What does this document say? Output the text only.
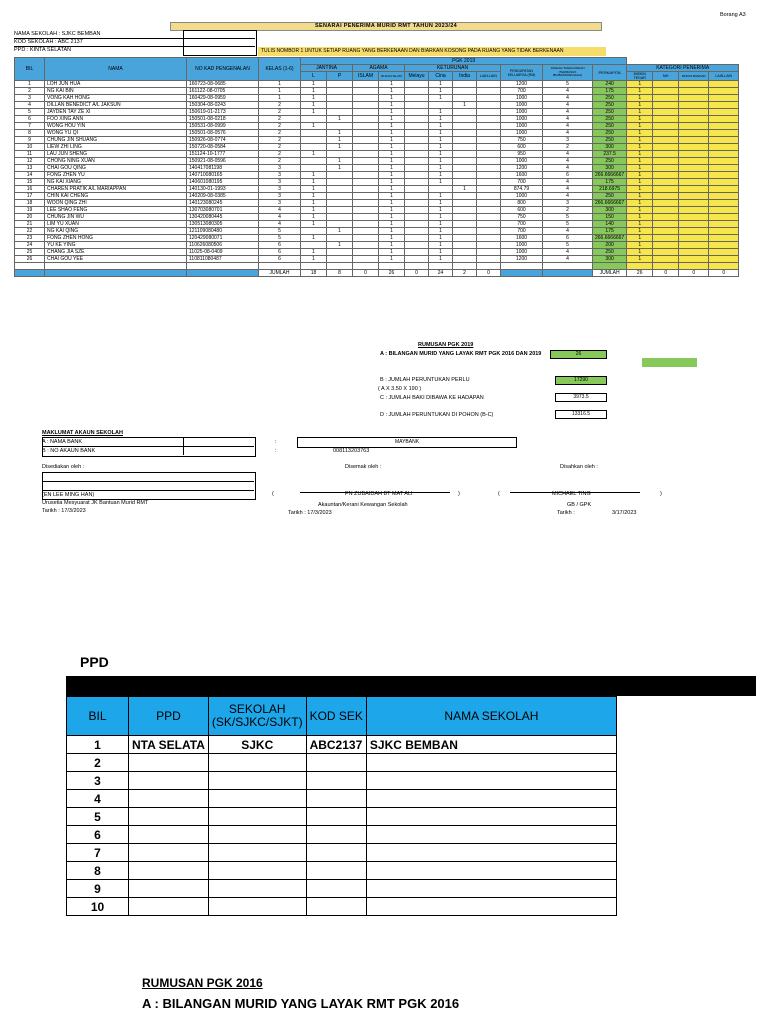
Borang A3
SENARAI PENERIMA MURID RMT TAHUN 2023/24
NAMA SEKOLAH : SJKC BEMBAN
KOD SEKOLAH : ABC 2137
PPD : KINTA SELATAN	TULIS NOMBOR 1 UNTUK SETIAP RUANG YANG BERKENAAN DAN BIARKAN KOSONG PADA RUANG YANG TIDAK BERKENAAN
BIL	NAMA	NO KAD PENGENALAN	KELAS (1-6)	PGK 2019														
				JANTINA		AGAMA		KETURUNAN				PENDAPATAN KELUARGA (RM)	JUMLAH TANGGUNGAN (TERMASUK IBU/BAPA/PENJAGA)	PERKAPITA	KATEGORI PENERIMA			
				L	P	ISLAM	BUKAN ISLAM	Melayu	Cina	India	LAIN-LAIN				MISKIN TEGAR	MH	MISKIN BANDAR	LAIN-LAIN
1	LOH JUN HUA	160723-08-0685	1	1			1		1			1200	5	240	1			
2	NG KAI BIN	161122-08-0705	1	1			1		1			700	4	175	1			
3	VONG KAH HONG	160429-08-0959	1	1			1		1			1000	4	250	1			
4	DILLAN BENEDICT A/L JAKSUN	150304-08-0243	2	1			1			1		1000	4	250	1			
5	JAYDEN TAY ZE XI	150619-01-2173	2	1			1		1			1000	4	250	1			
6	FOO XING ANN	150501-08-0218	2		1		1		1			1000	4	250	1			
7	WONG HOU YIN	150531-08-0999	2	1			1		1			1000	4	250	1			
8	WONG YU QI	150501-08-0576	2		1		1		1			1000	4	250	1			
9	CHUNG JIN SHUANG	150926-08-0774	2		1		1		1			750	3	250	1			
10	LIEW ZHI LING	150720-08-0584	2		1		1		1			600	2	300	1			
11	LAU JUN SHENG	151124-10-1777	2	1			1		1			950	4	237.5	1			
12	CHONG NING XUAN	150921-08-0596	2		1		1		1			1000	4	250	1			
13	CHAI GOU QING	140417081198	3		1		1		1			1200	4	300	1			
14	FONG ZHEN YU	140710080165	3	1			1		1			1600	6	266.6666667	1			
15	NG KAI XIANG	140601080195	3	1			1		1			700	4	175	1			
16	CHAREN PRATIK A/L MARIAPPAN	140130-01-1993	3	1			1			1		874.79	4	218.6975	1			
17	CHIN KAI CHENG	140209-08-0385	3	1			1		1			1000	4	250	1			
18	WOON QING ZHI	140123080245	3	1			1		1			800	3	266.6666667	1			
19	LEE SHAO FENG	130703080701	4	1			1		1			600	2	300	1			
20	CHUNG JIN WU	130420080445	4	1			1		1			750	5	150	1			
21	LIM YU XUAN	130513080305	4	1			1		1			700	5	140	1			
22	NG KAI QING	121109080480	5		1		1		1			700	4	175	1			
23	FONG ZHEN HONG	120429080071	5	1			1		1			1600	6	266.6666667	1			
24	YU KE YING	110626080506	6		1		1		1			1000	5	200	1			
25	CHANG JIA SZE	11025-08-0409	6	1			1		1			1000	4	250	1			
26	CHAI GOU YEE	110811080487	6	1			1		1			1200	4	300	1			

			JUMLAH	18	8	0	26	0	24	2	0			JUMLAH	26	0	0	0
RUMUSAN PGK 2019
A : BILANGAN MURID YANG LAYAK RMT PGK 2016 DAN 2019	26
B : JUMLAH PERUNTUKAN PERLU
( A X 3.50 X 190 )
17290
C : JUMLAH BAKI DIBAWA KE HADAPAN	3973.5
D : JUMLAH PERUNTUKAN DI POHON (B-C)	13316.5
MAKLUMAT AKAUN SEKOLAH
A : NAMA BANK
B : NO AKAUN BANK
:
:
MAYBANK
008113203763
Disediakan oleh :	Disemak oleh :	Disahkan oleh :
(EN LEE MING HAN)
Urusetia Mesyuarat JK Bantuan Murid RMT
Tarikh : 17/3/2023
(	PN ZUBAIDAH BT MAT ALI	)
Akauntan/Kerani Kewangan Sekolah
Tarikh : 17/3/2023
(	MICHAEL TING	)
GB / GPK
Tarikh :	3/17/2023
PPD
BIL	PPD	SEKOLAH (SK/SJKC/SJKT)	KOD SEK	NAMA SEKOLAH
1	NTA SELATA	SJKC	ABC2137	SJKC BEMBAN
2				
3				
4				
5				
6				
7				
8				
9				
10				
RUMUSAN PGK 2016
A : BILANGAN MURID YANG LAYAK RMT PGK 2016
